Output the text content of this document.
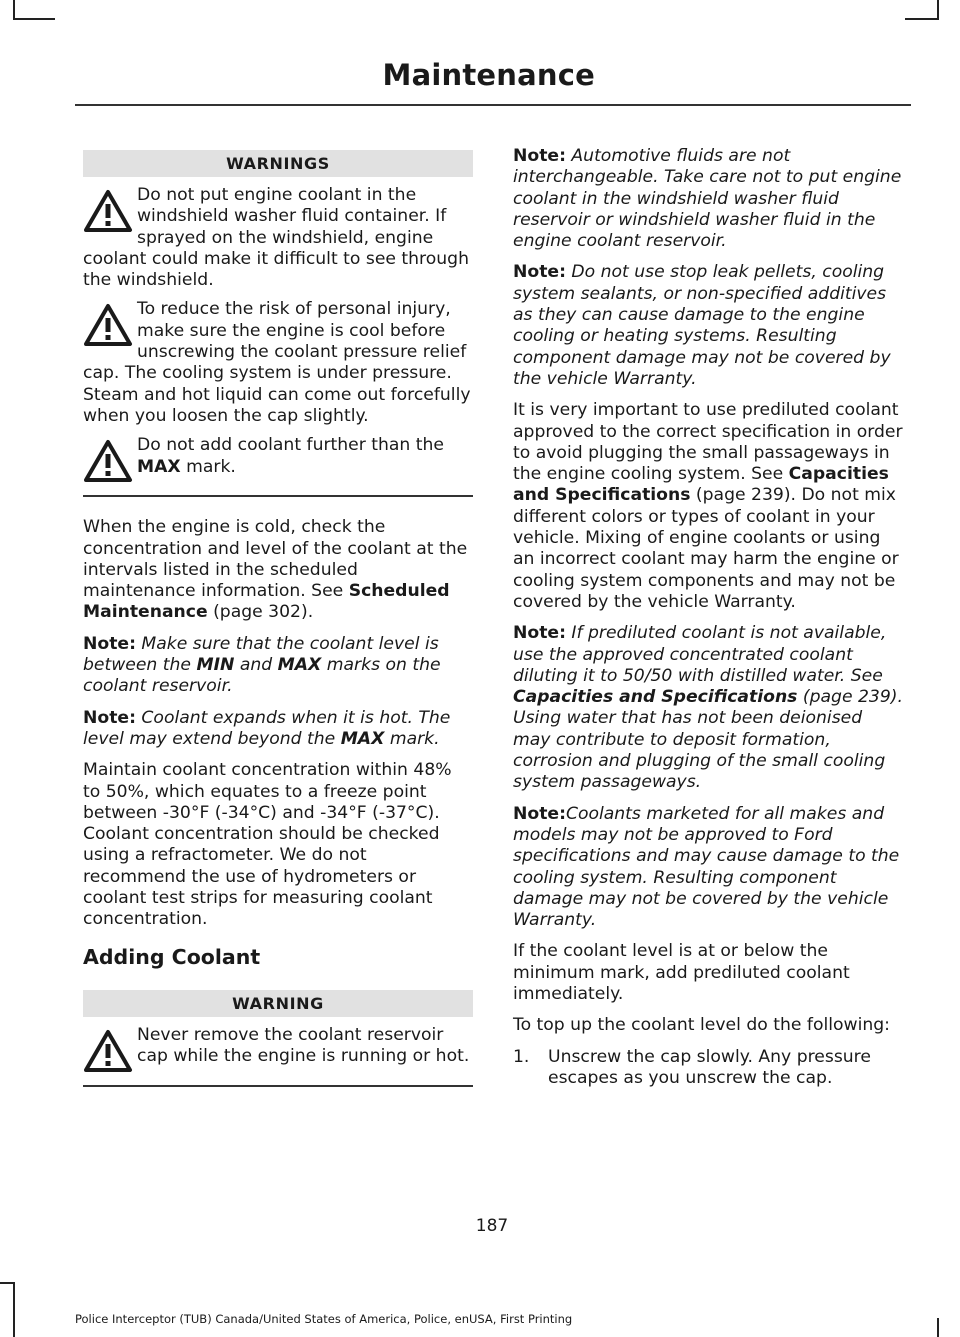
Maintenance
WARNINGS
Do not put engine coolant in the windshield washer fluid container. If sprayed on the windshield, engine coolant could make it difficult to see through the windshield.
To reduce the risk of personal injury, make sure the engine is cool before unscrewing the coolant pressure relief cap. The cooling system is under pressure. Steam and hot liquid can come out forcefully when you loosen the cap slightly.
Do not add coolant further than the MAX mark.

When the engine is cold, check the concentration and level of the coolant at the intervals listed in the scheduled maintenance information. See Scheduled Maintenance (page 302).

Note: Make sure that the coolant level is between the MIN and MAX marks on the coolant reservoir.

Note: Coolant expands when it is hot. The level may extend beyond the MAX mark.

Maintain coolant concentration within 48% to 50%, which equates to a freeze point between -30°F (-34°C) and -34°F (-37°C). Coolant concentration should be checked using a refractometer. We do not recommend the use of hydrometers or coolant test strips for measuring coolant concentration.

Adding Coolant
WARNING
Never remove the coolant reservoir cap while the engine is running or hot.

Note: Automotive fluids are not interchangeable. Take care not to put engine coolant in the windshield washer fluid reservoir or windshield washer fluid in the engine coolant reservoir.

Note: Do not use stop leak pellets, cooling system sealants, or non-specified additives as they can cause damage to the engine cooling or heating systems. Resulting component damage may not be covered by the vehicle Warranty.

It is very important to use prediluted coolant approved to the correct specification in order to avoid plugging the small passageways in the engine cooling system. See Capacities and Specifications (page 239). Do not mix different colors or types of coolant in your vehicle. Mixing of engine coolants or using an incorrect coolant may harm the engine or cooling system components and may not be covered by the vehicle Warranty.

Note: If prediluted coolant is not available, use the approved concentrated coolant diluting it to 50/50 with distilled water. See Capacities and Specifications (page 239). Using water that has not been deionised may contribute to deposit formation, corrosion and plugging of the small cooling system passageways.

Note:Coolants marketed for all makes and models may not be approved to Ford specifications and may cause damage to the cooling system. Resulting component damage may not be covered by the vehicle Warranty.

If the coolant level is at or below the minimum mark, add prediluted coolant immediately.

To top up the coolant level do the following:

1.	Unscrew the cap slowly. Any pressure escapes as you unscrew the cap.
187
Police Interceptor (TUB) Canada/United States of America, Police, enUSA, First Printing
